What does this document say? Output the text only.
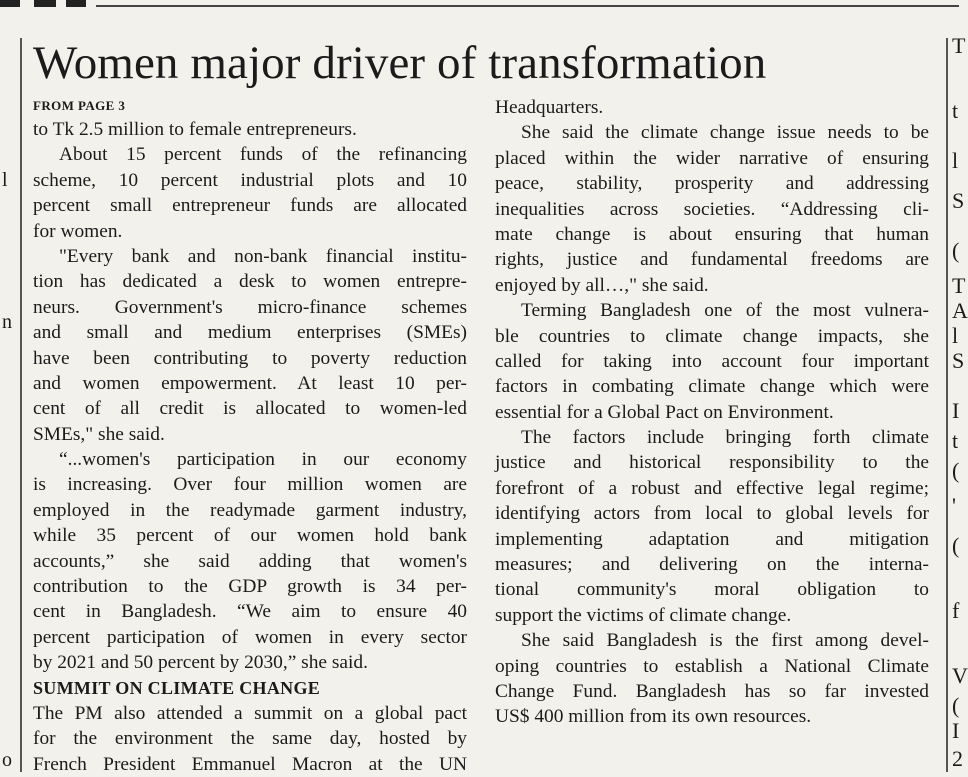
l
n
o
T
t
l
S
(
T
A
l
S
I
t
(
'
(
f
V
(
I
2
Women major driver of transformation
FROM PAGE 3
to Tk 2.5 million to female entrepreneurs.
About 15 percent funds of the refinancing
scheme, 10 percent industrial plots and 10
percent small entrepreneur funds are allocated
for women.
"Every bank and non-bank financial institu-
tion has dedicated a desk to women entrepre-
neurs. Government's micro-finance schemes
and small and medium enterprises (SMEs)
have been contributing to poverty reduction
and women empowerment. At least 10 per-
cent of all credit is allocated to women-led
SMEs," she said.
“...women's participation in our economy
is increasing. Over four million women are
employed in the readymade garment industry,
while 35 percent of our women hold bank
accounts,” she said adding that women's
contribution to the GDP growth is 34 per-
cent in Bangladesh. “We aim to ensure 40
percent participation of women in every sector
by 2021 and 50 percent by 2030,” she said.
SUMMIT ON CLIMATE CHANGE
The PM also attended a summit on a global pact
for the environment the same day, hosted by
French President Emmanuel Macron at the UN
Headquarters.
She said the climate change issue needs to be
placed within the wider narrative of ensuring
peace, stability, prosperity and addressing
inequalities across societies. “Addressing cli-
mate change is about ensuring that human
rights, justice and fundamental freedoms are
enjoyed by all…," she said.
Terming Bangladesh one of the most vulnera-
ble countries to climate change impacts, she
called for taking into account four important
factors in combating climate change which were
essential for a Global Pact on Environment.
The factors include bringing forth climate
justice and historical responsibility to the
forefront of a robust and effective legal regime;
identifying actors from local to global levels for
implementing adaptation and mitigation
measures; and delivering on the interna-
tional community's moral obligation to
support the victims of climate change.
She said Bangladesh is the first among devel-
oping countries to establish a National Climate
Change Fund. Bangladesh has so far invested
US$ 400 million from its own resources.
